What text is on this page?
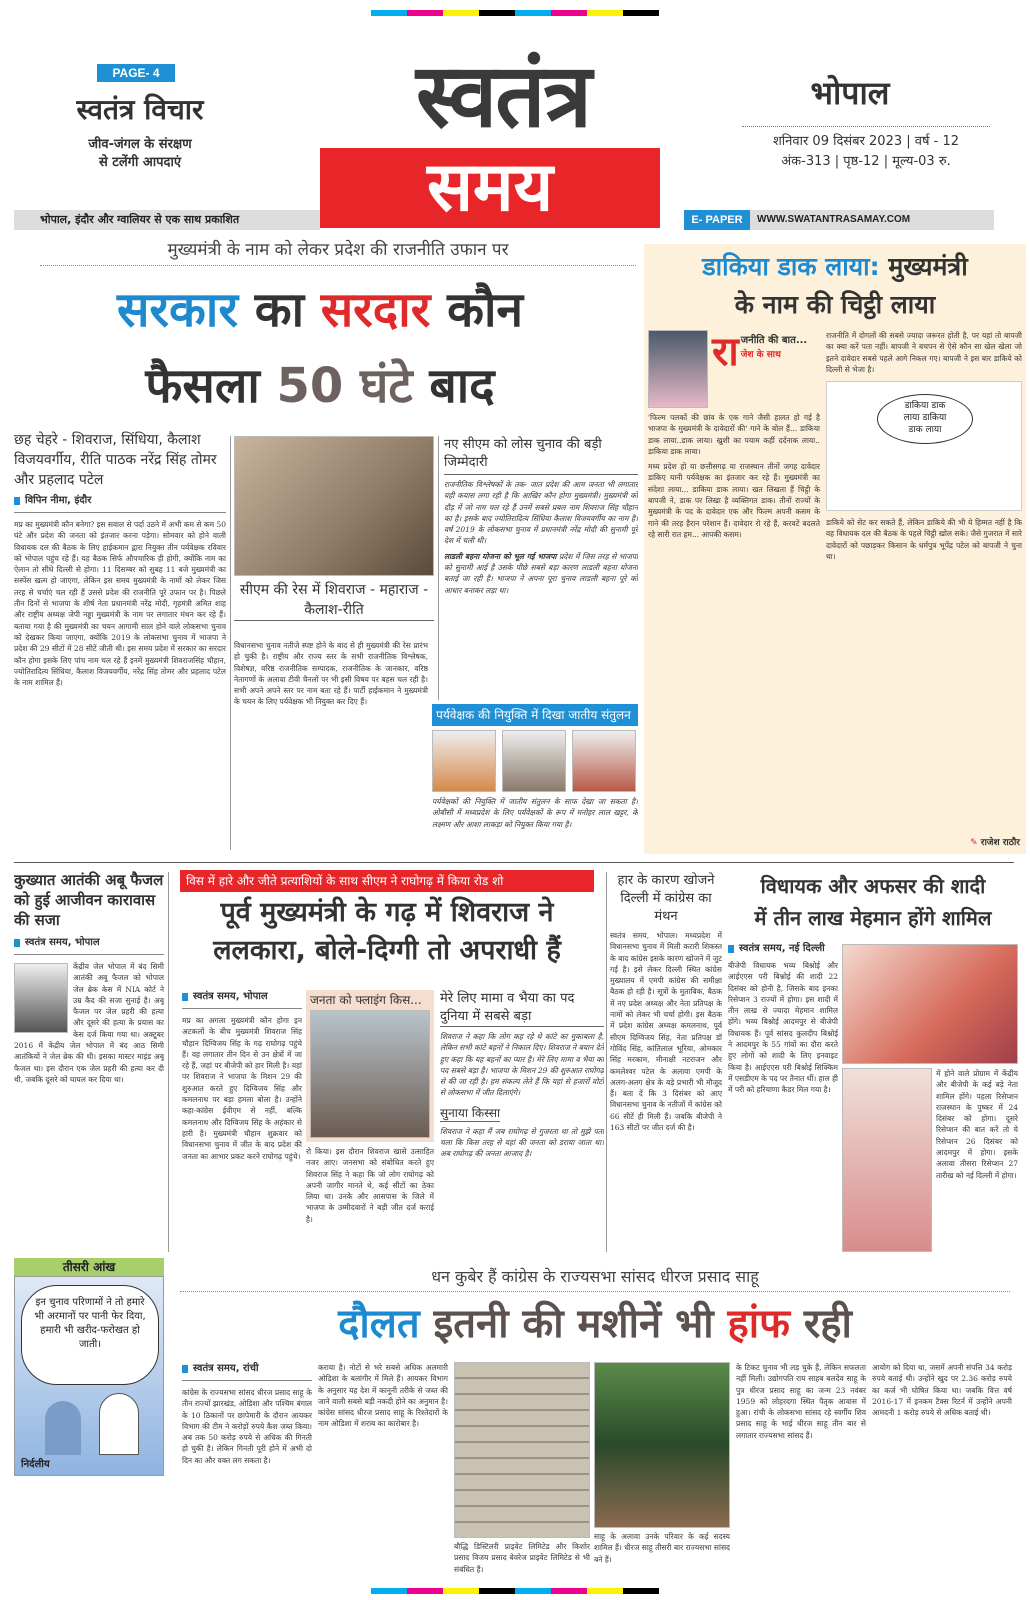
PAGE- 4
स्वतंत्र विचार
जीव-जंगल के संरक्षण
से टलेंगी आपदाएं
स्वतंत्र
समय
भोपाल
शनिवार 09 दिसंबर 2023 | वर्ष - 12
अंक-313 | पृष्ठ-12 | मूल्य-03 रु.
भोपाल, इंदौर और ग्वालियर से एक साथ प्रकाशित	E- PAPER	WWW.SWATANTRASAMAY.COM
मुख्यमंत्री के नाम को लेकर प्रदेश की राजनीति उफान पर
सरकार का सरदार कौन
फैसला 50 घंटे बाद
छह चेहरे - शिवराज, सिंधिया, कैलाश विजयवर्गीय, रीति पाठक नरेंद्र सिंह तोमर और प्रहलाद पटेल
विपिन नीमा, इंदौर
मप्र का मुख्यमंत्री कौन बनेगा? इस सवाल से पर्दा उठने में अभी कम से कम 50 घंटे और प्रदेश की जनता को इंतजार करना पड़ेगा। सोमवार को होने वाली विधायक दल की बैठक के लिए हाईकमान द्वारा नियुक्त तीन पर्यवेक्षक रविवार को भोपाल पहुंच रहे हैं। यह बैठक सिर्फ औपचारिक ही होगी, क्योंकि नाम का ऐलान तो सीधे दिल्ली से होगा। 11 दिसम्बर को सुबह 11 बजे मुख्यमंत्री का सस्पेंस खत्म हो जाएगा, लेकिन इस समय मुख्यमंत्री के नामों को लेकर जिस तरह से चर्चाएं चल रही हैं उससे प्रदेश की राजनीति पूरे उफान पर है। पिछले तीन दिनों से भाजपा के शीर्ष नेता प्रधानमंत्री नरेंद्र मोदी, गृहमंत्री अमित शाह और राष्ट्रीय अध्यक्ष जेपी नड्डा मुख्यमंत्री के नाम पर लगातार मंथन कर रहे हैं। बताया गया है की मुख्यमंत्री का चयन आगामी साल होने वाले लोकसभा चुनाव को देखकर किया जाएगा, क्योंकि 2019 के लोकसभा चुनाव में भाजपा ने प्रदेश की 29 सीटों में 28 सीटें जीती थी। इस समय प्रदेश में सरकार का सरदार कौन होगा इसके लिए पांच नाम चल रहे हैं इनमें मुख्यमंत्री शिवराजसिंह चौहान, ज्योतिरादित्य सिंधिया, कैलाश विजयवर्गीय, नरेंद्र सिंह तोमर और प्रहलाद पटेल के नाम शामिल हैं।
सीएम की रेस में शिवराज - महाराज - कैलाश-रीति
विधानसभा चुनाव नतीजे स्पष्ट होने के बाद से ही मुख्यमंत्री की रेस प्रारंभ हो चुकी है। राष्ट्रीय और राज्य स्तर के सभी राजनीतिक विश्लेषक, विशेषज्ञ, वरिष्ठ राजनीतिक सम्पादक, राजनीतिक के जानकार, वरिष्ठ नेतागणों के अलावा टीवी चैनलों पर भी इसी विषय पर बहस चल रही है। सभी अपने अपने स्तर पर नाम बता रहे हैं। पार्टी हाईकमान ने मुख्यमंत्री के चयन के लिए पर्यवेक्षक भी नियुक्त कर दिए हैं।
नए सीएम को लोस चुनाव की बड़ी जिम्मेदारी
राजनीतिक विश्लेषकों के तक- जात प्रदेश की आम जनता भी लगातार यही कयास लगा रही है कि आखिर कौन होगा मुख्यमंत्री। मुख्यमंत्री को दौड़ में जो नाम चल रहे हैं उनमें सबसे प्रबल नाम शिवराज सिंह चौहान का है। इसके बाद ज्योतिरादित्य सिंधिया कैलाश विजयवर्गीय का नाम है। वर्ष 2019 के लोकसभा चुनाव में प्रधानमंत्री नरेंद्र मोदी की सुनामी पूरे देश में चली थी।
लाडली बहना योजना को भूल गई भाजपा प्रदेश में जिस तरह से भाजपा को सुनामी आई है उसके पीछे सबसे बड़ा कारण लाडली बहना योजना बताई जा रही है। भाजपा ने अपना पूरा चुनाव लाडली बहना पूरे को आधार बनाकर लड़ा था।
पर्यवेक्षक की नियुक्ति में दिखा जातीय संतुलन
पर्यवेक्षकों की नियुक्ति में जातीय संतुलन के साफ देखा जा सकता है। ओबीसी में मध्यप्रदेश के लिए पर्यवेक्षकों के रूप में मनोहर लाल खट्टर, के लक्ष्मण और आशा लाकड़ा को नियुक्त किया गया है।
डाकिया डाक लाया: मुख्यमंत्री
के नाम की चिट्ठी लाया
रा जनीति की बात...
जेश के साथ
'फिल्म पलकों की छांव के एक गाने जैसी हालत हो गई है भाजपा के मुख्यमंत्री के दावेदारों की' गाने के बोल हैं... डाकिया डाक लाया..डाक लाया। खुशी का पयाम कहीं दर्दनाक लाया.. डाकिया डाक लाया।
मध्य प्रदेश हो या छत्तीसगढ़ या राजस्थान तीनों जगह दावेदार डाकिए यानी पर्यवेक्षक का इंतजार कर रहे हैं। मुख्यमंत्री का संदेशा लाया... डाकिया डाक लाया। खत लिखता हैं चिट्ठी के बापजी ने, डाक पर लिखा है व्यक्तिगत डाक। तीनों राज्यों के मुख्यमंत्री के पद के दावेदार एक और फिल्म अपनी कसम के गाने की तरह हैरान परेशान हैं। दावेदार रो रहे हैं, करवटें बदलते रहे सारी रात हम... आपकी कसम।
राजनीति में दोगलों की सबसे ज्यादा जरूरत होती है, पर यहां तो बापजी का क्या करें पता नहीं। बापजी ने बचपन से ऐसे कौन सा खेल खेला जो इतने दावेदार सबसे पहले आगे निकल गए। बापजी ने इस बार डाकिये को दिल्ली से भेजा है।
डाकिया डाक
लाया डाकिया
डाक लाया
डाकिये को सेट कर सकते हैं, लेकिन डाकिये की भी ये हिम्मत नहीं है कि वह विधायक दल की बैठक के पहले चिट्ठी खोल सके। जैसे गुजरात में सारे दावेदारों को पछाड़कर किसान के धर्मपुत्र भूपेंद्र पटेल को बापजी ने चुना था।
✎ राजेश राठौर
कुख्यात आतंकी अबू फैजल को हुई आजीवन कारावास की सजा
स्वतंत्र समय, भोपाल
केंद्रीय जेल भोपाल में बंद सिमी आतंकी अबू फैजल को भोपाल जेल ब्रेक केस में NIA कोर्ट ने उम्र कैद की सजा सुनाई है। अबू फैजल पर जेल प्रहरी की हत्या और दूसरे की हत्या के प्रयास का केस दर्ज किया गया था। अक्टूबर 2016 में केंद्रीय जेल भोपाल में बंद आठ सिमी आतंकियों ने जेल ब्रेक की थी। इसका मास्टर माइंड अबू फैजल था। इस दौरान एक जेल प्रहरी की हत्या कर दी थी, जबकि दूसरे को घायल कर दिया था।
तीसरी आंख
इन चुनाव परिणामों ने तो हमारे भी अरमानों पर पानी फेर दिया, हमारी भी खरीद-फरोखत हो जाती।
निर्दलीय
विस में हारे और जीते प्रत्याशियों के साथ सीएम ने राघोगढ़ में किया रोड शो
पूर्व मुख्यमंत्री के गढ़ में शिवराज ने
ललकारा, बोले-दिग्गी तो अपराधी हैं
स्वतंत्र समय, भोपाल
मप्र का अगला मुख्यमंत्री कौन होगा इन अटकलों के बीच मुख्यमंत्री शिवराज सिंह चौहान दिग्विजय सिंह के गढ़ राघोगढ़ पहुंचे हैं। वह लगातार तीन दिन से उन क्षेत्रों में जा रहे हैं, जहां पर बीजेपी को हार मिली है। यहां पर शिवराज ने भाजपा के मिशन 29 की शुरुआत करते हुए दिग्विजय सिंह और कमलनाथ पर बड़ा हमला बोला है। उन्होंने कहा-कांग्रेस ईवीएम से नहीं, बल्कि कमलनाथ और दिग्विजय सिंह के अहंकार से हारी है। मुख्यमंत्री चौहान शुक्रवार को विधानसभा चुनाव में जीत के बाद प्रदेश की जनता का आभार प्रकट करने राघोगढ़ पहुंचे।
जनता को फ्लाइंग किस...
रो किया। इस दौरान शिवराज खासे उत्साहित नजर आए। जनसभा को संबोधित करते हुए शिवराज सिंह ने कहा कि जो लोग राघोगढ़ को अपनी जागीर मानते थे, कई सीटों का ठेका लिया था। उनके और आसपास के जिले में भाजपा के उम्मीदवारों ने बड़ी जीत दर्ज कराई है।
मेरे लिए मामा व भैया का पद दुनिया में सबसे बड़ा
शिवराज ने कहा कि लोग कह रहे थे कांटे का मुकाबला है, लेकिन सभी कांटे बहनों ने निकाल दिए। शिवराज ने बयान देते हुए कहा कि यह बहनों का प्यार है। मेरे लिए मामा व भैया का पद सबसे बड़ा है। भाजपा के मिशन 29 की शुरुआत राघोगढ़ से की जा रही है। हम संकल्प लेते हैं कि यहां से हजारों वोटों से लोकसभा में जीत दिलाएंगे।
सुनाया किस्सा
शिवराज ने कहा मैं जब राघोगढ़ से गुजरता था तो मुझे पता चला कि किस तरह से यहां की जनता को डराया जाता था। अब राघोगढ़ की जनता आजाद है।
हार के कारण खोजने दिल्ली में कांग्रेस का मंथन
स्वतंत्र समय, भोपाल। मध्यप्रदेश में विधानसभा चुनाव में मिली करारी शिकस्त के बाद कांग्रेस इसके कारण खोजने में जुट गई है। इसे लेकर दिल्ली स्थित कांग्रेस मुख्यालय में एमपी कांग्रेस की समीक्षा बैठक हो रही है। सूत्रों के मुताबिक, बैठक में नए प्रदेश अध्यक्ष और नेता प्रतिपक्ष के नामों को लेकर भी चर्चा होगी। इस बैठक में प्रदेश कांग्रेस अध्यक्ष कमलनाथ, पूर्व सीएम दिग्विजय सिंह, नेता प्रतिपक्ष डॉ गोविंद सिंह, कांतिलाल भूरिया, ओमकार सिंह मरकाम, मीनाक्षी नटराजन और कमलेश्वर पटेल के अलावा एमपी के अलग-अलग क्षेत्र के बड़े प्रभारी भी मौजूद हैं। बता दें कि 3 दिसंबर को आए विधानसभा चुनाव के नतीजों में कांग्रेस को 66 सीटें ही मिली हैं। जबकि बीजेपी ने 163 सीटों पर जीत दर्ज की है।
विधायक और अफसर की शादी
में तीन लाख मेहमान होंगे शामिल
स्वतंत्र समय, नई दिल्ली
बीजेपी विधायक भव्य बिश्नोई और आईएएस परी बिश्नोई की शादी 22 दिसंबर को होनी है, जिसके बाद इनका रिसेप्शन 3 राज्यों में होगा। इस शादी में तीन लाख से ज्यादा मेहमान शामिल होंगे। भव्य बिश्नोई आदमपुर से बीजेपी विधायक हैं। पूर्व सांसद कुलदीप बिश्नोई ने आदमपुर के 55 गांवों का दौरा करते हुए लोगों को शादी के लिए इनवाइट किया है। आईएएस परी बिश्नोई सिक्किम में एसडीएम के पद पर तैनात थीं। हाल ही में परी को हरियाणा कैडर मिल गया है।
में होने वाले प्रोग्राम में केंद्रीय और बीजेपी के कई बड़े नेता शामिल होंगे। पहला रिसेप्शन राजस्थान के पुष्कर में 24 दिसंबर को होगा। दूसरे रिसेप्शन की बात करें तो ये रिसेप्शन 26 दिसंबर को आदमपुर में होगा। इसके अलावा तीसरा रिसेप्शन 27 तारीख को नई दिल्ली में होगा।
धन कुबेर हैं कांग्रेस के राज्यसभा सांसद धीरज प्रसाद साहू
दौलत इतनी की मशीनें भी हांफ रही
स्वतंत्र समय, रांची
कांग्रेस के राज्यसभा सांसद धीरज प्रसाद साहू के तीन राज्यों झारखंड, ओडिशा और पश्चिम बंगाल के 10 ठिकानों पर छापेमारी के दौरान आयकर विभाग की टीम ने करोड़ों रुपये कैश जब्त किया। अब तक 50 करोड़ रुपये से अधिक की गिनती हो चुकी है। लेकिन गिनती पूरी होने में अभी दो दिन का और वक्त लग सकता है।
कराया है। नोटों से भरे सबसे अधिक अलमारी ओडिशा के बलांगीर में मिले हैं। आयकर विभाग के अनुसार यह देश में कानूनी तरीके से जब्त की जाने वाली सबसे बड़ी नकदी होने का अनुमान है। कांग्रेस सांसद धीरज प्रसाद साहू के रिश्तेदारों के नाम ओडिशा में शराब का कारोबार है।
बौद्धि डिस्टिलरी प्राइवेट लिमिटेड और किशोर प्रसाद विजय प्रसाद बेवरेज प्राइवेट लिमिटेड से भी संबंधित हैं।
साहू के अलावा उनके परिवार के कई सदस्य शामिल हैं। धीरज साहू तीसरी बार राज्यसभा सांसद बने हैं।
के टिकट चुनाव भी लड़ चुके हैं, लेकिन सफलता नहीं मिली। उद्योगपति राय साहब बलदेव साहू के पुत्र धीरज प्रसाद साहू का जन्म 23 नवंबर 1959 को लोहरदगा स्थित पैतृक आवास में हुआ। रांची के लोकसभा सांसद रहे स्वर्गीय शिव प्रसाद साहू के भाई धीरज साहू तीन बार से लगातार राज्यसभा सांसद हैं।
आयोग को दिया था, जसमें अपनी संपत्ति 34 करोड़ रुपये बताई थी। उन्होंने खुद पर 2.36 करोड़ रुपये का कर्ज भी घोषित किया था। जबकि वित्त वर्ष 2016-17 में इनकम टैक्स रिटर्न में उन्होंने अपनी आमदनी 1 करोड़ रुपये से अधिक बताई थी।
